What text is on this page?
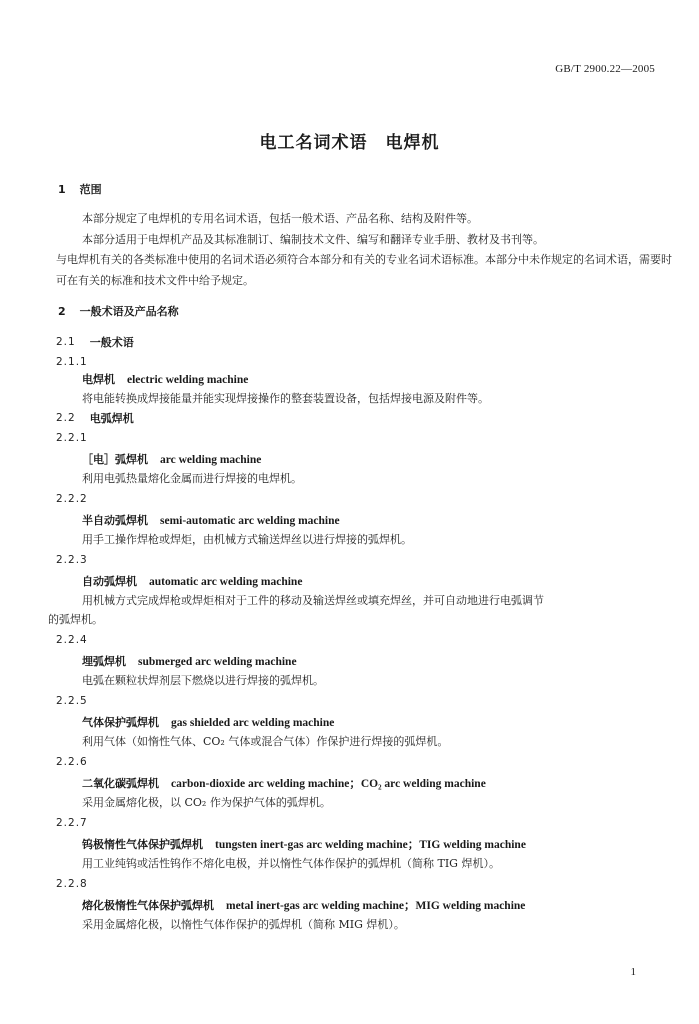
GB/T 2900.22—2005
电工名词术语 电焊机
1 范围
本部分规定了电焊机的专用名词术语，包括一般术语、产品名称、结构及附件等。
本部分适用于电焊机产品及其标准制订、编制技术文件、编写和翻译专业手册、教材及书刊等。
与电焊机有关的各类标准中使用的名词术语必须符合本部分和有关的专业名词术语标准。本部分中未作规定的名词术语，需要时可在有关的标准和技术文件中给予规定。
2 一般术语及产品名称
2.1 一般术语
2.1.1
电焊机 electric welding machine
将电能转换成焊接能量并能实现焊接操作的整套装置设备，包括焊接电源及附件等。
2.2 电弧焊机
2.2.1
［电］弧焊机 arc welding machine
利用电弧热量熔化金属而进行焊接的电焊机。
2.2.2
半自动弧焊机 semi-automatic arc welding machine
用手工操作焊枪或焊炬，由机械方式输送焊丝以进行焊接的弧焊机。
2.2.3
自动弧焊机 automatic arc welding machine
用机械方式完成焊枪或焊炬相对于工件的移动及输送焊丝或填充焊丝，并可自动地进行电弧调节
的弧焊机。
2.2.4
埋弧焊机 submerged arc welding machine
电弧在颗粒状焊剂层下燃烧以进行焊接的弧焊机。
2.2.5
气体保护弧焊机 gas shielded arc welding machine
利用气体（如惰性气体、CO₂ 气体或混合气体）作保护进行焊接的弧焊机。
2.2.6
二氧化碳弧焊机 carbon-dioxide arc welding machine；CO₂ arc welding machine
采用金属熔化极，以 CO₂ 作为保护气体的弧焊机。
2.2.7
钨极惰性气体保护弧焊机 tungsten inert-gas arc welding machine；TIG welding machine
用工业纯钨或活性钨作不熔化电极，并以惰性气体作保护的弧焊机（简称 TIG 焊机）。
2.2.8
熔化极惰性气体保护弧焊机 metal inert-gas arc welding machine；MIG welding machine
采用金属熔化极，以惰性气体作保护的弧焊机（简称 MIG 焊机）。
1
